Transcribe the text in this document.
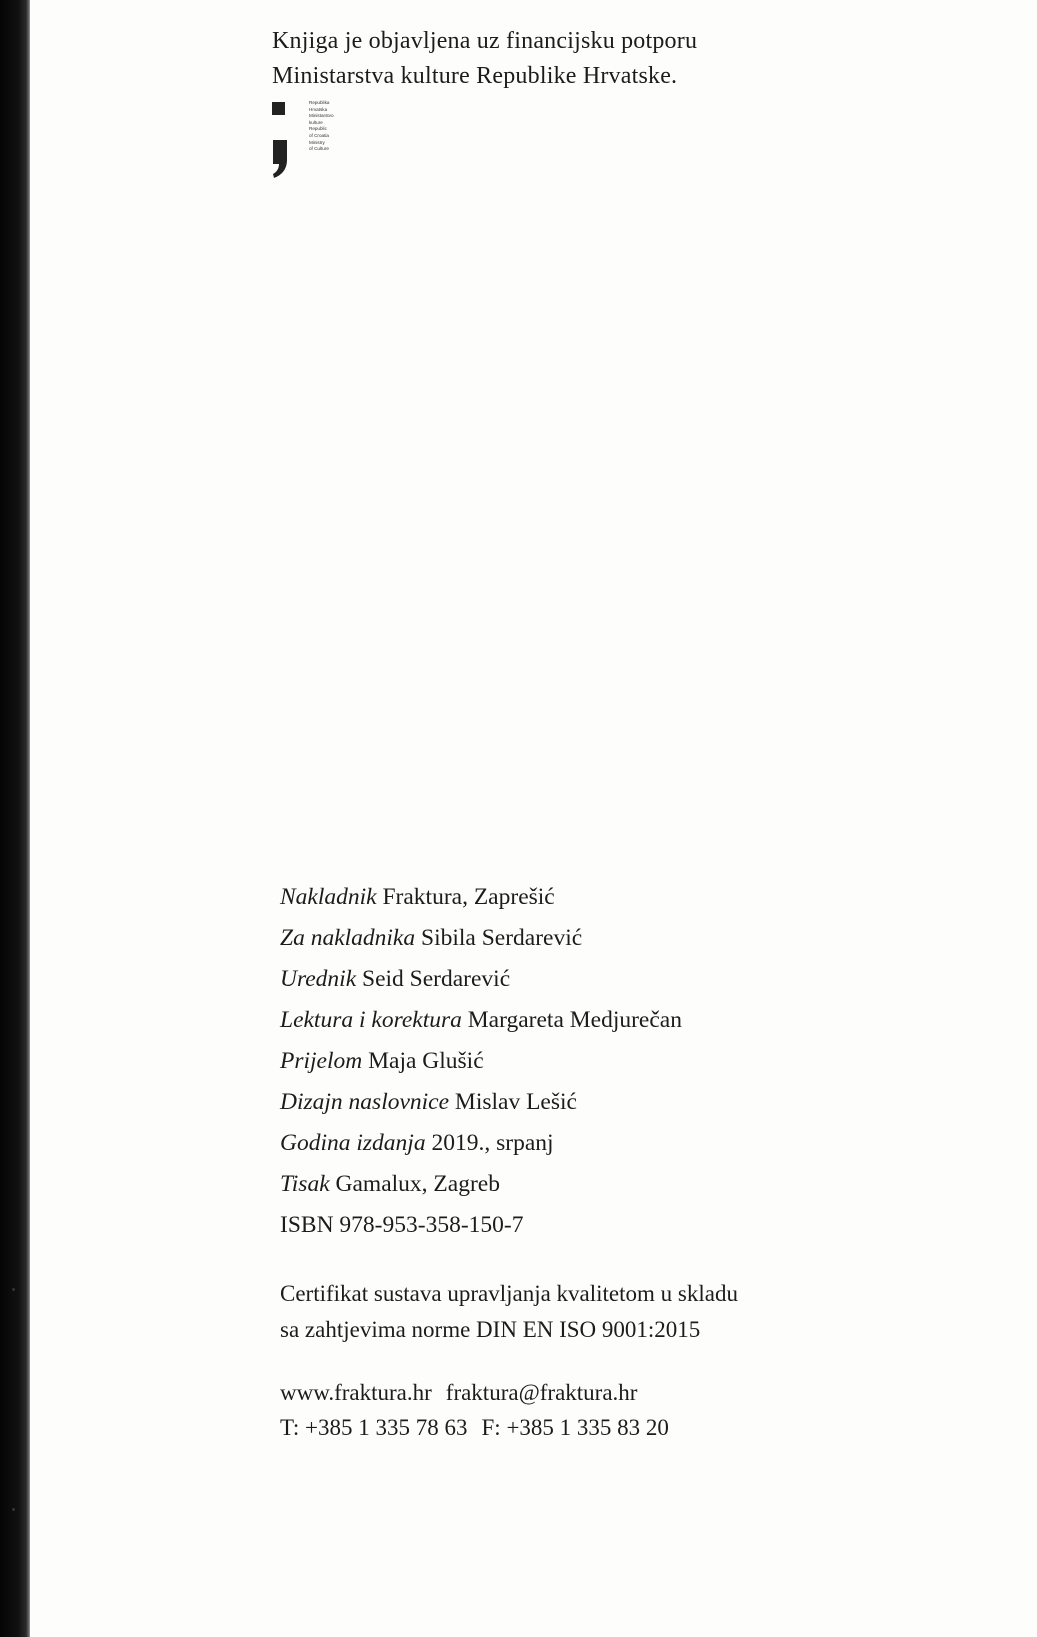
Knjiga je objavljena uz financijsku potporu
Ministarstva kulture Republike Hrvatske.
Republika
Hrvatska
Ministarstvo
kulture
Republic
of Croatia
Ministry
of Culture
Nakladnik Fraktura, Zaprešić
Za nakladnika Sibila Serdarević
Urednik Seid Serdarević
Lektura i korektura Margareta Medjurečan
Prijelom Maja Glušić
Dizajn naslovnice Mislav Lešić
Godina izdanja 2019., srpanj
Tisak Gamalux, Zagreb
ISBN 978-953-358-150-7
Certifikat sustava upravljanja kvalitetom u skladu
sa zahtjevima norme DIN EN ISO 9001:2015
www.fraktura.hr fraktura@fraktura.hr
T: +385 1 335 78 63 F: +385 1 335 83 20
